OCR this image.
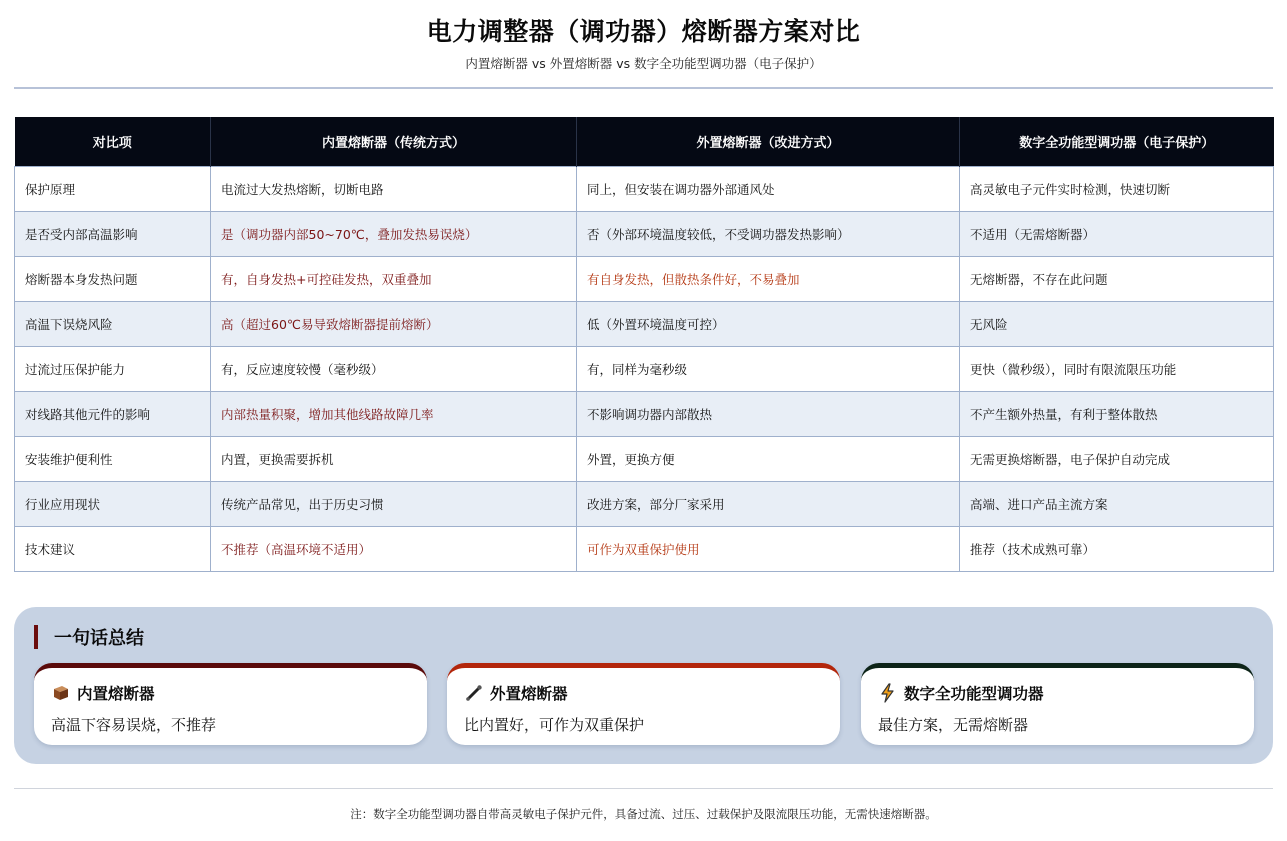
电力调整器（调功器）熔断器方案对比
内置熔断器 vs 外置熔断器 vs 数字全功能型调功器（电子保护）
对比项	内置熔断器（传统方式）	外置熔断器（改进方式）	数字全功能型调功器（电子保护）
保护原理	电流过大发热熔断，切断电路	同上，但安装在调功器外部通风处	高灵敏电子元件实时检测，快速切断
是否受内部高温影响	是（调功器内部50~70℃，叠加发热易误烧）	否（外部环境温度较低，不受调功器发热影响）	不适用（无需熔断器）
熔断器本身发热问题	有，自身发热+可控硅发热，双重叠加	有自身发热，但散热条件好，不易叠加	无熔断器，不存在此问题
高温下误烧风险	高（超过60℃易导致熔断器提前熔断）	低（外置环境温度可控）	无风险
过流过压保护能力	有，反应速度较慢（毫秒级）	有，同样为毫秒级	更快（微秒级），同时有限流限压功能
对线路其他元件的影响	内部热量积聚，增加其他线路故障几率	不影响调功器内部散热	不产生额外热量，有利于整体散热
安装维护便利性	内置，更换需要拆机	外置，更换方便	无需更换熔断器，电子保护自动完成
行业应用现状	传统产品常见，出于历史习惯	改进方案，部分厂家采用	高端、进口产品主流方案
技术建议	不推荐（高温环境不适用）	可作为双重保护使用	推荐（技术成熟可靠）
一句话总结
内置熔断器
高温下容易误烧，不推荐
外置熔断器
比内置好，可作为双重保护
数字全功能型调功器
最佳方案，无需熔断器
注：数字全功能型调功器自带高灵敏电子保护元件，具备过流、过压、过载保护及限流限压功能，无需快速熔断器。
